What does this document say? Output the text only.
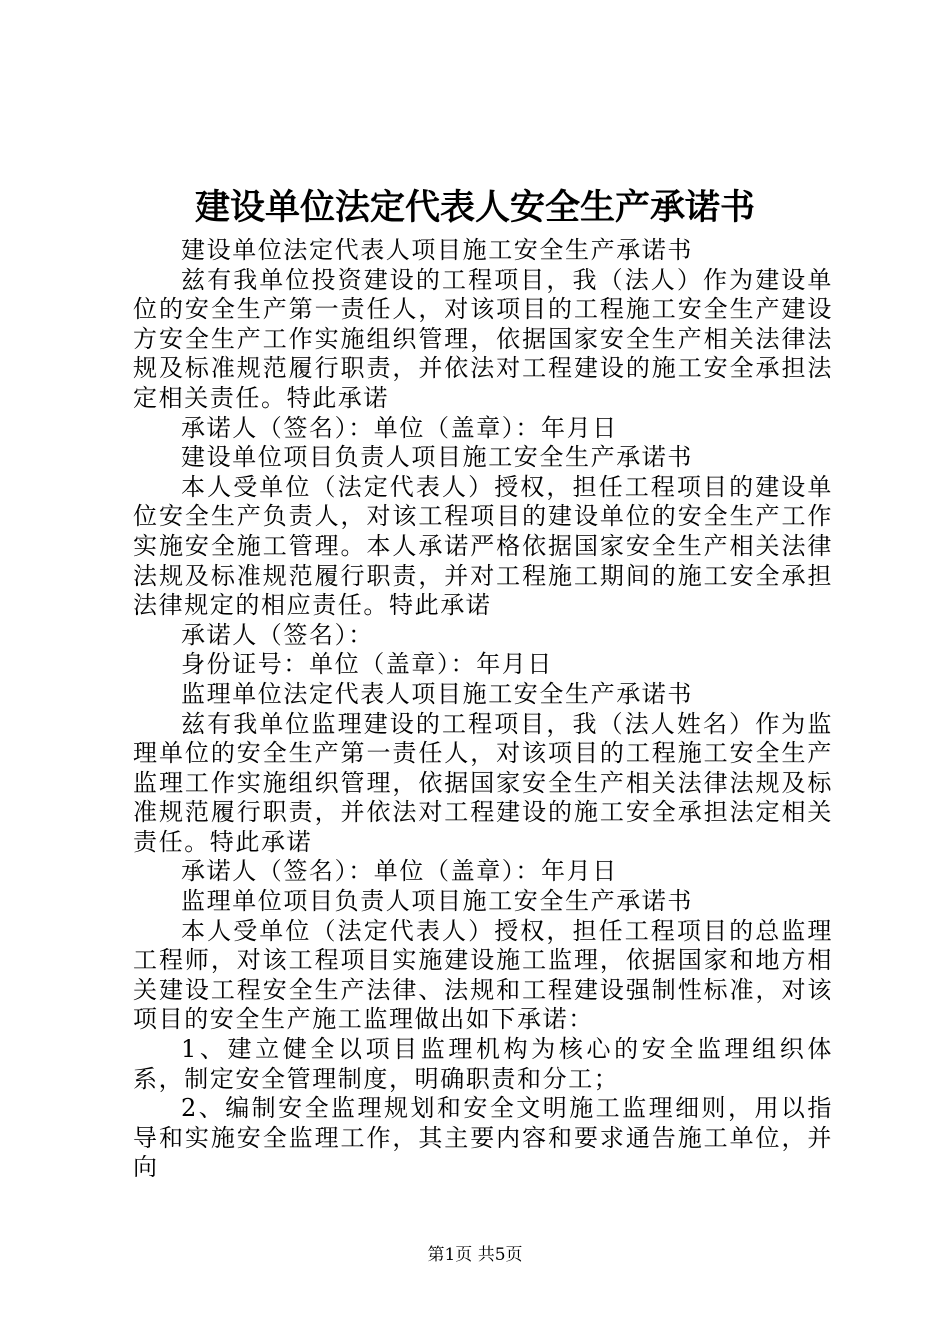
建设单位法定代表人安全生产承诺书

建设单位法定代表人项目施工安全生产承诺书

兹有我单位投资建设的工程项目，我（法人）作为建设单位的安全生产第一责任人，对该项目的工程施工安全生产建设方安全生产工作实施组织管理，依据国家安全生产相关法律法规及标准规范履行职责，并依法对工程建设的施工安全承担法定相关责任。特此承诺

承诺人（签名）：单位（盖章）：年月日

建设单位项目负责人项目施工安全生产承诺书

本人受单位（法定代表人）授权，担任工程项目的建设单位安全生产负责人，对该工程项目的建设单位的安全生产工作实施安全施工管理。本人承诺严格依据国家安全生产相关法律法规及标准规范履行职责，并对工程施工期间的施工安全承担法律规定的相应责任。特此承诺

承诺人（签名）：

身份证号：单位（盖章）：年月日

监理单位法定代表人项目施工安全生产承诺书

兹有我单位监理建设的工程项目，我（法人姓名）作为监理单位的安全生产第一责任人，对该项目的工程施工安全生产监理工作实施组织管理，依据国家安全生产相关法律法规及标准规范履行职责，并依法对工程建设的施工安全承担法定相关责任。特此承诺

承诺人（签名）：单位（盖章）：年月日

监理单位项目负责人项目施工安全生产承诺书

本人受单位（法定代表人）授权，担任工程项目的总监理工程师，对该工程项目实施建设施工监理，依据国家和地方相关建设工程安全生产法律、法规和工程建设强制性标准，对该项目的安全生产施工监理做出如下承诺：

1、建立健全以项目监理机构为核心的安全监理组织体系，制定安全管理制度，明确职责和分工；

2、编制安全监理规划和安全文明施工监理细则，用以指导和实施安全监理工作，其主要内容和要求通告施工单位，并向

第1页 共5页
